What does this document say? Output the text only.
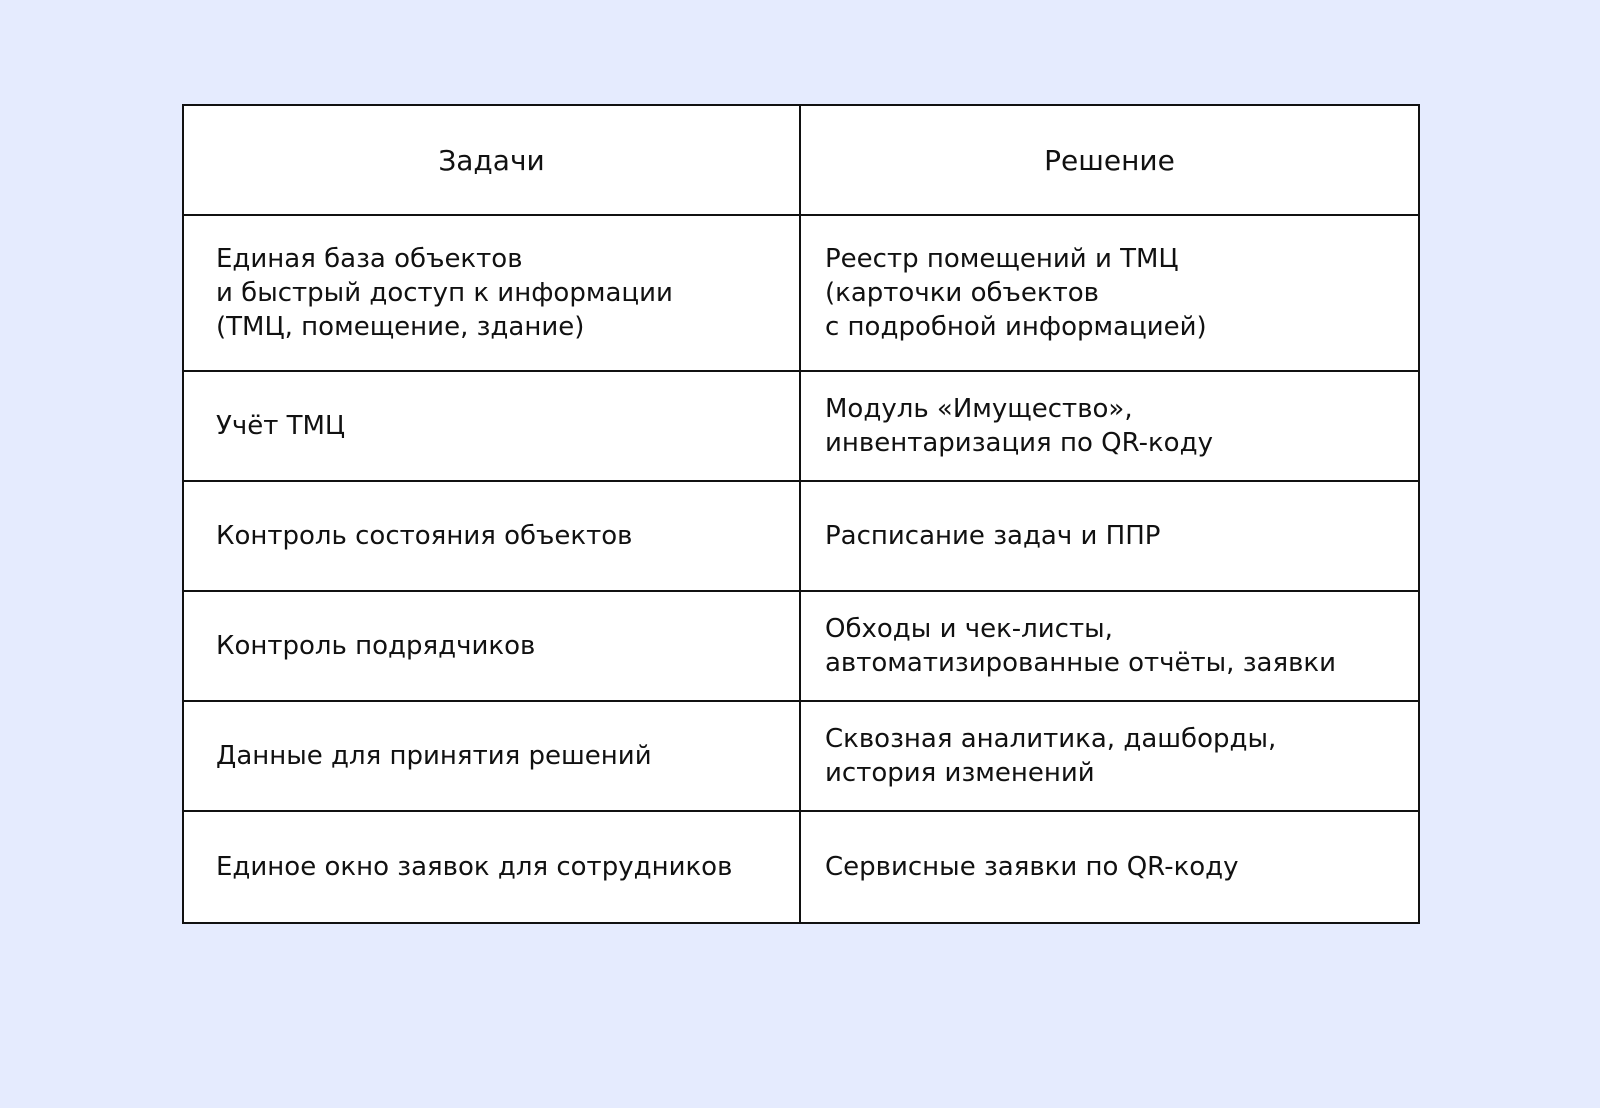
Задачи	Решение

Единая база объектов
и быстрый доступ к информации
(ТМЦ, помещение, здание)	Реестр помещений и ТМЦ
(карточки объектов
с подробной информацией)

Учёт ТМЦ	Модуль «Имущество»,
инвентаризация по QR-коду

Контроль состояния объектов	Расписание задач и ППР

Контроль подрядчиков	Обходы и чек-листы,
автоматизированные отчёты, заявки

Данные для принятия решений	Сквозная аналитика, дашборды,
история изменений

Единое окно заявок для сотрудников	Сервисные заявки по QR-коду
